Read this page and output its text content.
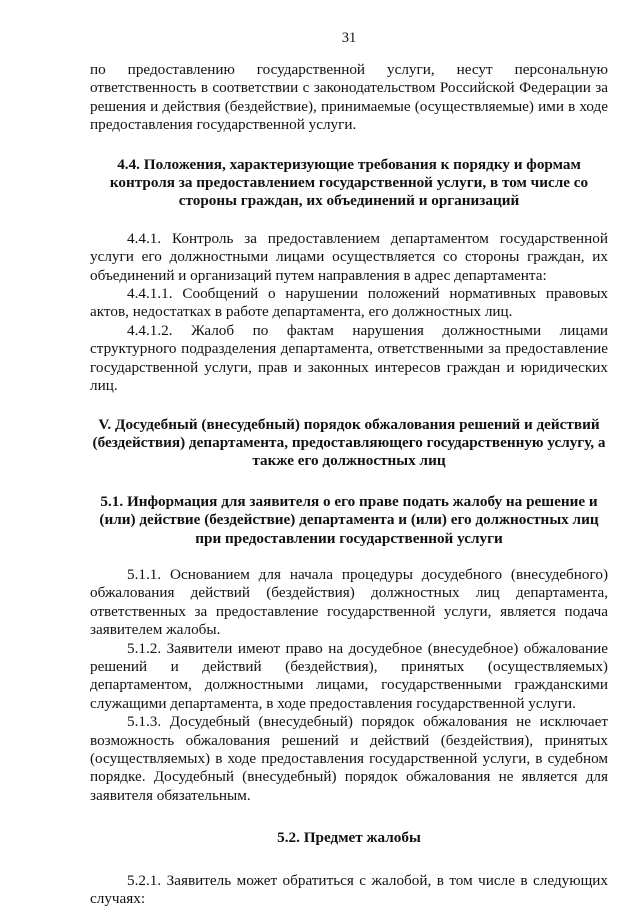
31

по предоставлению государственной услуги, несут персональную ответственность в соответствии с законодательством Российской Федерации за решения и действия (бездействие), принимаемые (осуществляемые) ими в ходе предоставления государственной услуги.

4.4. Положения, характеризующие требования к порядку и формам контроля за предоставлением государственной услуги, в том числе со стороны граждан, их объединений и организаций

4.4.1. Контроль за предоставлением департаментом государственной услуги его должностными лицами осуществляется со стороны граждан, их объединений и организаций путем направления в адрес департамента:

4.4.1.1. Сообщений о нарушении положений нормативных правовых актов, недостатках в работе департамента, его должностных лиц.

4.4.1.2. Жалоб по фактам нарушения должностными лицами структурного подразделения департамента, ответственными за предоставление государственной услуги, прав и законных интересов граждан и юридических лиц.

V. Досудебный (внесудебный) порядок обжалования решений и действий (бездействия) департамента, предоставляющего государственную услугу, а также его должностных лиц
5.1. Информация для заявителя о его праве подать жалобу на решение и (или) действие (бездействие) департамента и (или) его должностных лиц при предоставлении государственной услуги

5.1.1. Основанием для начала процедуры досудебного (внесудебного) обжалования действий (бездействия) должностных лиц департамента, ответственных за предоставление государственной услуги, является подача заявителем жалобы.

5.1.2. Заявители имеют право на досудебное (внесудебное) обжалование решений и действий (бездействия), принятых (осуществляемых) департаментом, должностными лицами, государственными гражданскими служащими департамента, в ходе предоставления государственной услуги.

5.1.3. Досудебный (внесудебный) порядок обжалования не исключает возможность обжалования решений и действий (бездействия), принятых (осуществляемых) в ходе предоставления государственной услуги, в судебном порядке. Досудебный (внесудебный) порядок обжалования не является для заявителя обязательным.

5.2. Предмет жалобы

5.2.1. Заявитель может обратиться с жалобой, в том числе в следующих случаях:
